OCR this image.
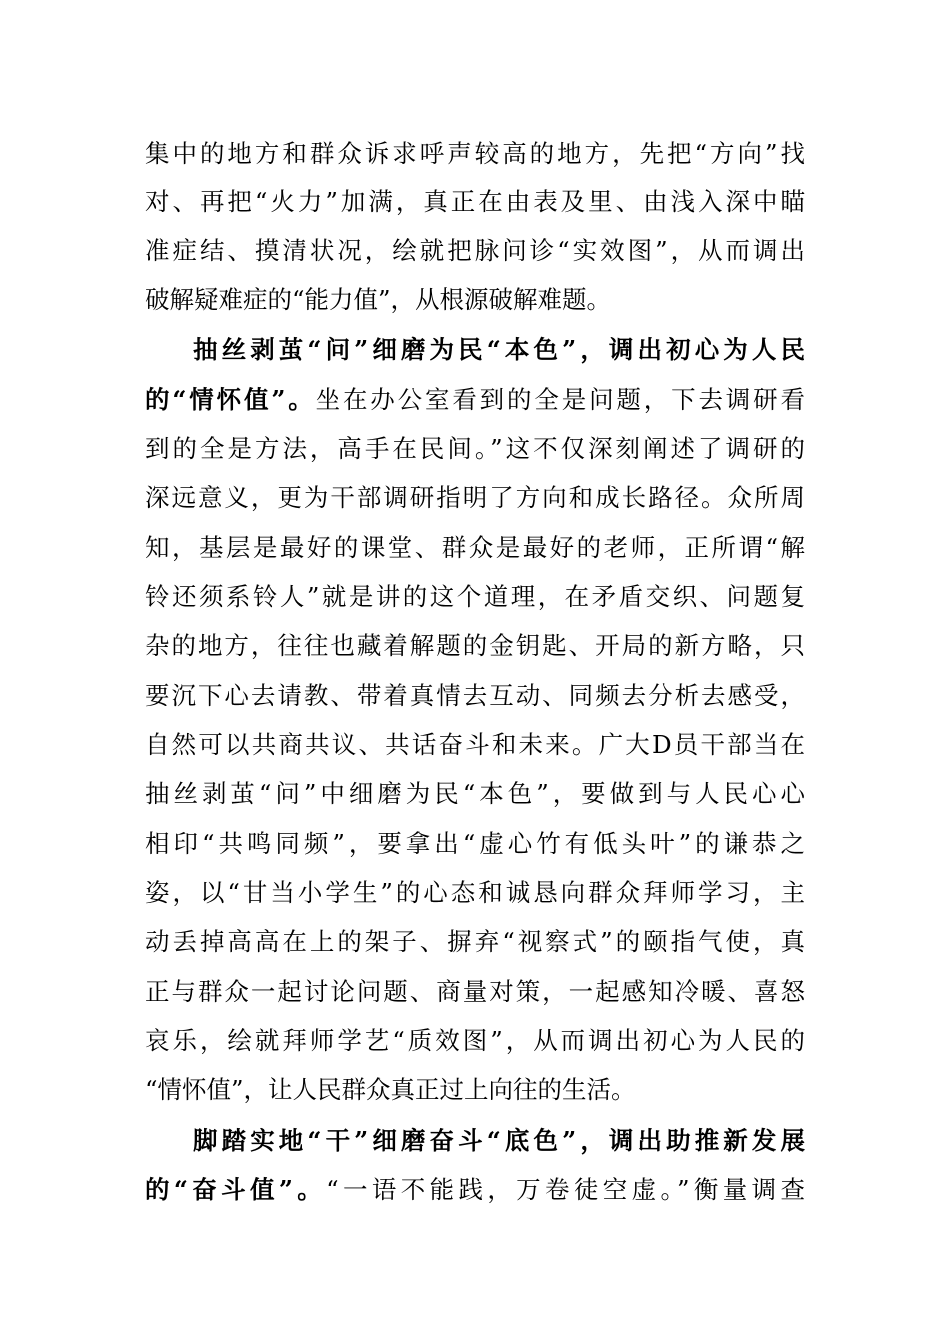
集中的地方和群众诉求呼声较高的地方，先把“方向”找
对、再把“火力”加满，真正在由表及里、由浅入深中瞄
准症结、摸清状况，绘就把脉问诊“实效图”，从而调出
破解疑难症的“能力值”，从根源破解难题。
抽丝剥茧“问”细磨为民“本色”，调出初心为人民
的“情怀值”。坐在办公室看到的全是问题，下去调研看
到的全是方法，高手在民间。”这不仅深刻阐述了调研的
深远意义，更为干部调研指明了方向和成长路径。众所周
知，基层是最好的课堂、群众是最好的老师，正所谓“解
铃还须系铃人”就是讲的这个道理，在矛盾交织、问题复
杂的地方，往往也藏着解题的金钥匙、开局的新方略，只
要沉下心去请教、带着真情去互动、同频去分析去感受，
自然可以共商共议、共话奋斗和未来。广大D员干部当在
抽丝剥茧“问”中细磨为民“本色”，要做到与人民心心
相印“共鸣同频”，要拿出“虚心竹有低头叶”的谦恭之
姿，以“甘当小学生”的心态和诚恳向群众拜师学习，主
动丢掉高高在上的架子、摒弃“视察式”的颐指气使，真
正与群众一起讨论问题、商量对策，一起感知冷暖、喜怒
哀乐，绘就拜师学艺“质效图”，从而调出初心为人民的
“情怀值”，让人民群众真正过上向往的生活。
脚踏实地“干”细磨奋斗“底色”，调出助推新发展
的“奋斗值”。“一语不能践，万卷徒空虚。”衡量调查
